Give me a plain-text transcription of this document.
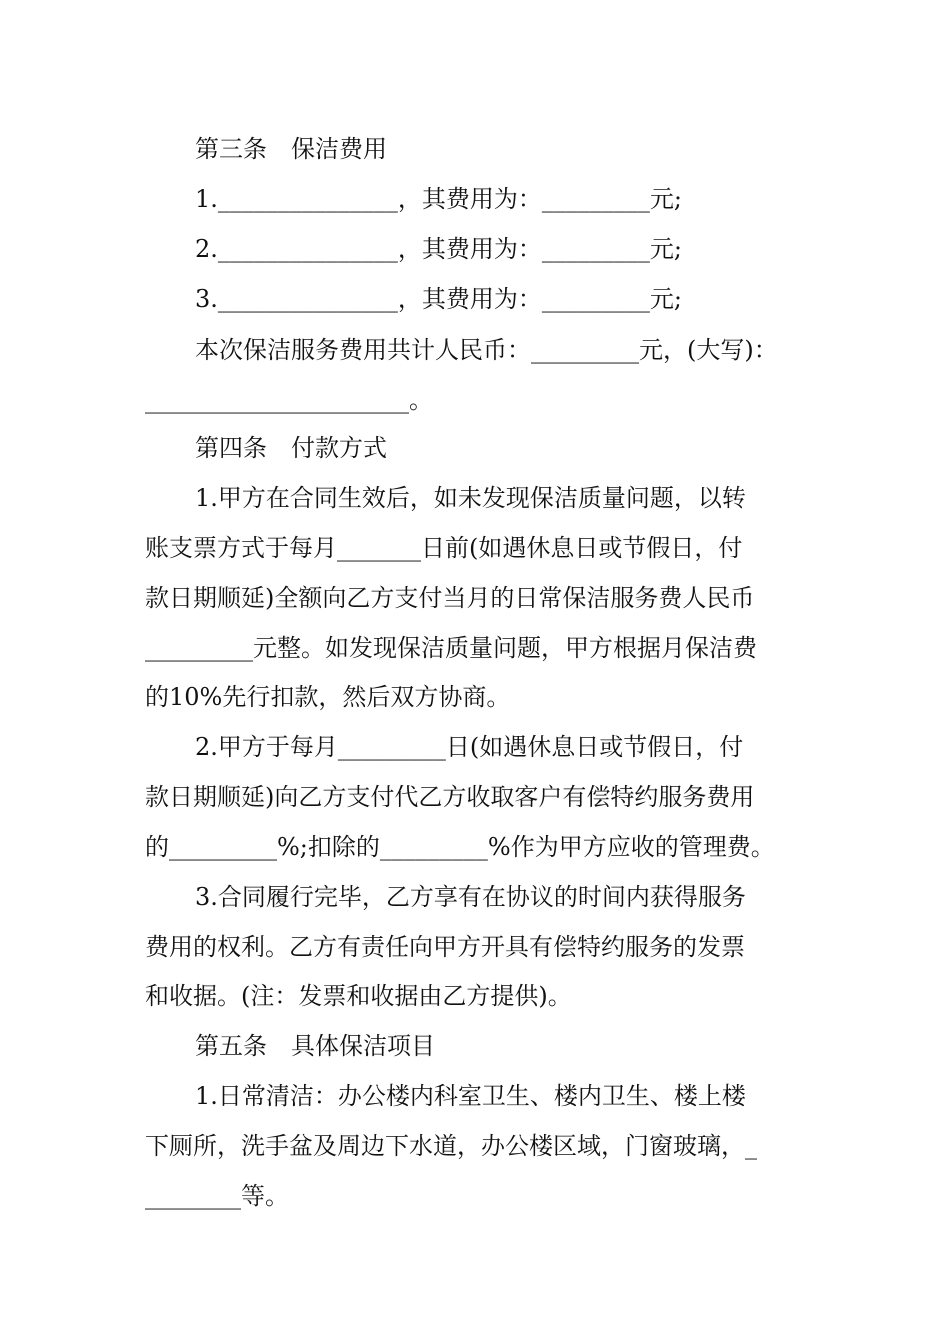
第三条　保洁费用
1._______________，其费用为：_________元;
2._______________，其费用为：_________元;
3._______________，其费用为：_________元;
本次保洁服务费用共计人民币：_________元，(大写)：
______________________。
第四条　付款方式
1.甲方在合同生效后，如未发现保洁质量问题，以转
账支票方式于每月_______日前(如遇休息日或节假日，付
款日期顺延)全额向乙方支付当月的日常保洁服务费人民币
_________元整。如发现保洁质量问题，甲方根据月保洁费
的10%先行扣款，然后双方协商。
2.甲方于每月_________日(如遇休息日或节假日，付
款日期顺延)向乙方支付代乙方收取客户有偿特约服务费用
的_________%;扣除的_________%作为甲方应收的管理费。
3.合同履行完毕，乙方享有在协议的时间内获得服务
费用的权利。乙方有责任向甲方开具有偿特约服务的发票
和收据。(注：发票和收据由乙方提供)。
第五条　具体保洁项目
1.日常清洁：办公楼内科室卫生、楼内卫生、楼上楼
下厕所，洗手盆及周边下水道，办公楼区域，门窗玻璃，_
________等。
